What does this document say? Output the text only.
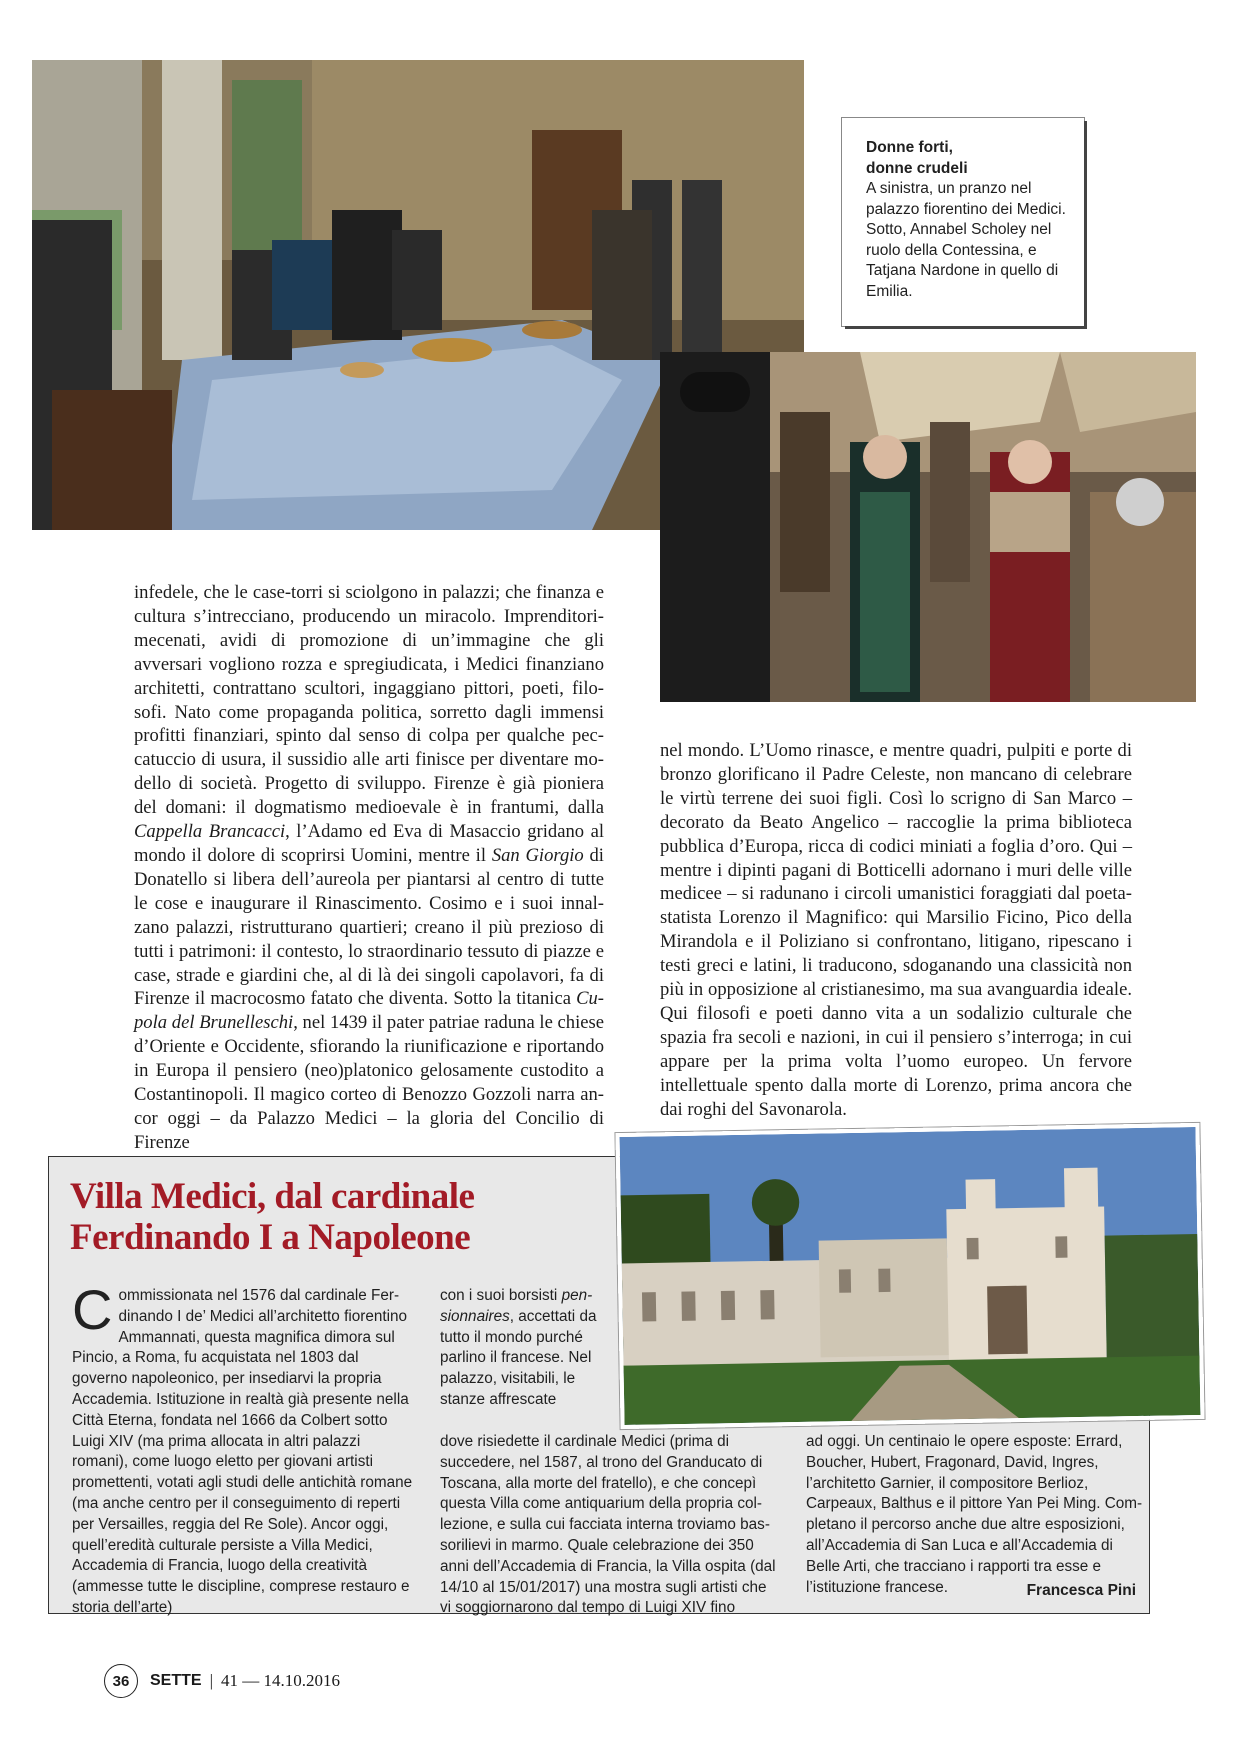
Donne forti,
donne crudeli
A sinistra, un pranzo nel palazzo fiorentino dei Medici. Sotto, Annabel Scholey nel ruolo della Contessina, e Tatjana Nardone in quello di Emilia.
infedele, che le case-torri si sciolgono in palazzi; che finanza e cultura s’intrecciano, producendo un miracolo. Imprenditori-mecenati, avidi di promozione di un’immagine che gli avversari vogliono rozza e spregiudicata, i Medici finanziano architetti, contrattano scultori, ingaggiano pittori, poeti, filosofi. Nato come propaganda politica, sorretto dagli immensi profitti finanziari, spinto dal senso di colpa per qualche peccatuccio di usura, il sussidio alle arti finisce per diventare modello di società. Progetto di sviluppo. Firenze è già pioniera del domani: il dogmatismo medioevale è in frantumi, dalla Cappella Brancacci, l’Adamo ed Eva di Masaccio gridano al mondo il dolore di scoprirsi Uomini, mentre il San Giorgio di Donatello si libera dell’aureola per piantarsi al centro di tutte le cose e inaugurare il Rinascimento. Cosimo e i suoi innalzano palazzi, ristrutturano quartieri; creano il più prezioso di tutti i patrimoni: il contesto, lo straordinario tessuto di piazze e case, strade e giardini che, al di là dei singoli capolavori, fa di Firenze il macrocosmo fatato che diventa. Sotto la titanica Cupola del Brunelleschi, nel 1439 il pater patriae raduna le chiese d’Oriente e Occidente, sfiorando la riunificazione e riportando in Europa il pensiero (neo)platonico gelosamente custodito a Costantinopoli. Il magico corteo di Benozzo Gozzoli narra ancor oggi – da Palazzo Medici – la gloria del Concilio di Firenze
nel mondo. L’Uomo rinasce, e mentre quadri, pulpiti e porte di bronzo glorificano il Padre Celeste, non mancano di celebrare le virtù terrene dei suoi figli. Così lo scrigno di San Marco – decorato da Beato Angelico – raccoglie la prima biblioteca pubblica d’Europa, ricca di codici miniati a foglia d’oro. Qui – mentre i dipinti pagani di Botticelli adornano i muri delle ville medicee – si radunano i circoli umanistici foraggiati dal poeta-statista Lorenzo il Magnifico: qui Marsilio Ficino, Pico della Mirandola e il Poliziano si confrontano, litigano, ripescano i testi greci e latini, li traducono, sdoganando una classicità non più in opposizione al cristianesimo, ma sua avanguardia ideale. Qui filosofi e poeti danno vita a un sodalizio culturale che spazia fra secoli e nazioni, in cui il pensiero s’interroga; in cui appare per la prima volta l’uomo europeo. Un fervore intellettuale spento dalla morte di Lorenzo, prima ancora che dai roghi del Savonarola.
Villa Medici, dal cardinale Ferdinando I a Napoleone
Commissionata nel 1576 dal cardinale Ferdinando I de’ Medici all’architetto fiorentino Ammannati, questa magnifica dimora sul Pincio, a Roma, fu acquistata nel 1803 dal governo napoleonico, per insediarvi la propria Accademia. Istituzione in realtà già presente nella Città Eterna, fondata nel 1666 da Colbert sotto Luigi XIV (ma prima allocata in altri palazzi romani), come luogo eletto per giovani artisti promettenti, votati agli studi delle antichità romane (ma anche centro per il conseguimento di reperti per Versailles, reggia del Re Sole). Ancor oggi, quell’eredità culturale persiste a Villa Medici, Accademia di Francia, luogo della creatività (ammesse tutte le discipline, comprese restauro e storia dell’arte)
con i suoi borsisti pensionnaires, accettati da tutto il mondo purché parlino il francese. Nel palazzo, visitabili, le stanze affrescate
dove risiedette il cardinale Medici (prima di succedere, nel 1587, al trono del Granducato di Toscana, alla morte del fratello), e che concepì questa Villa come antiquarium della propria collezione, e sulla cui facciata interna troviamo bassorilievi in marmo. Quale celebrazione dei 350 anni dell’Accademia di Francia, la Villa ospita (dal 14/10 al 15/01/2017) una mostra sugli artisti che vi soggiornarono dal tempo di Luigi XIV fino
ad oggi. Un centinaio le opere esposte: Errard, Boucher, Hubert, Fragonard, David, Ingres, l’architetto Garnier, il compositore Berlioz, Carpeaux, Balthus e il pittore Yan Pei Ming. Completano il percorso anche due altre esposizioni, all’Accademia di San Luca e all’Accademia di Belle Arti, che tracciano i rapporti tra esse e l’istituzione francese.	Francesca Pini
36	SETTE | 41 — 14.10.2016
